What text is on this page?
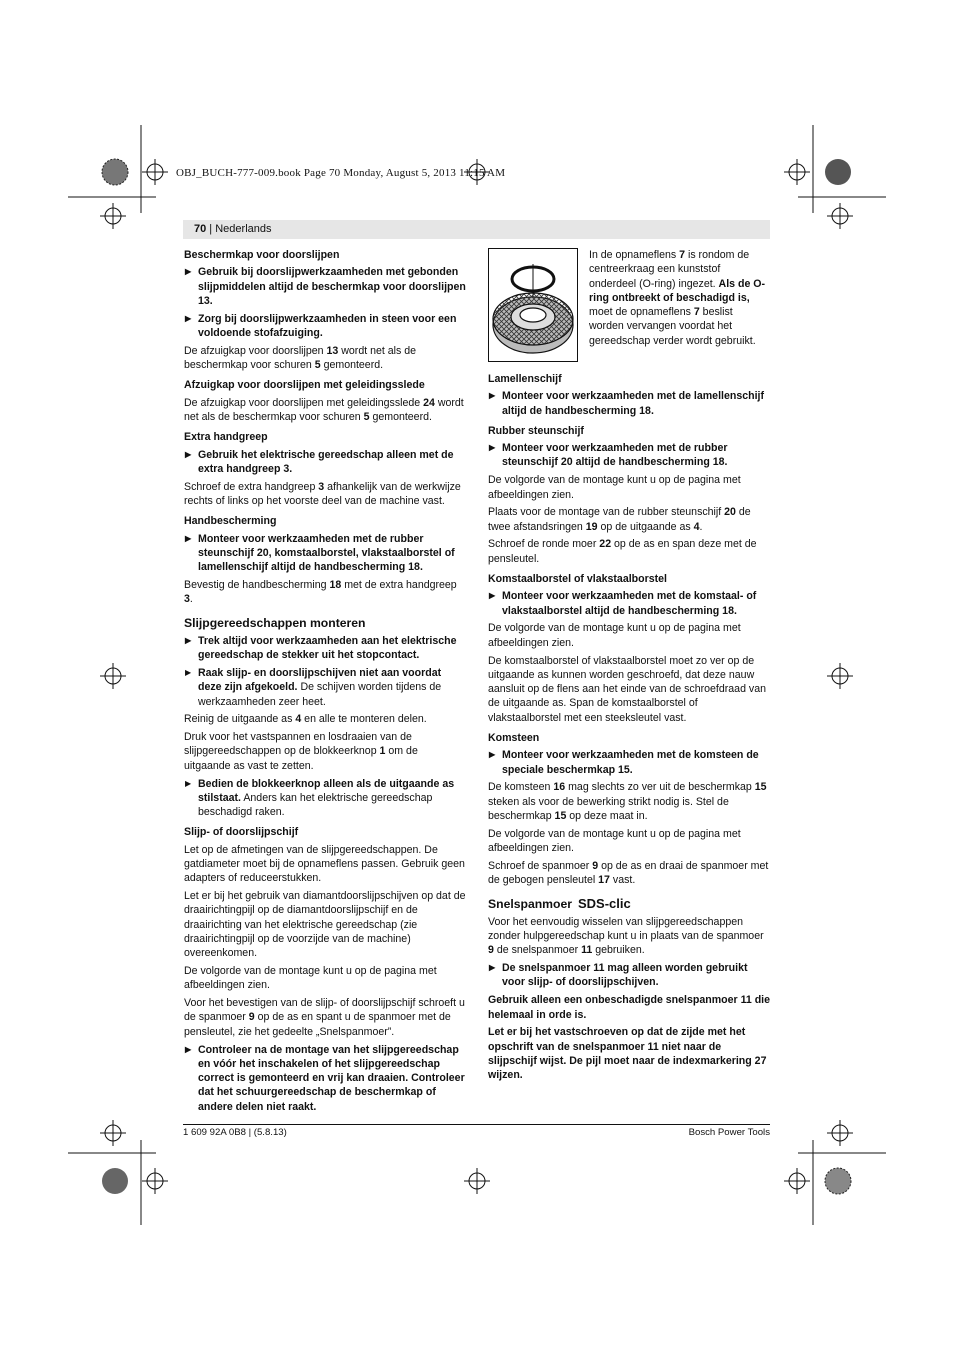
OBJ_BUCH-777-009.book Page 70 Monday, August 5, 2013 11:15 AM
70 | Nederlands
Beschermkap voor doorslijpen
▶ Gebruik bij doorslijpwerkzaamheden met gebonden slijpmiddelen altijd de beschermkap voor doorslijpen 13.
▶ Zorg bij doorslijpwerkzaamheden in steen voor een voldoende stofafzuiging.

De afzuigkap voor doorslijpen 13 wordt net als de beschermkap voor schuren 5 gemonteerd.

Afzuigkap voor doorslijpen met geleidingsslede

De afzuigkap voor doorslijpen met geleidingsslede 24 wordt net als de beschermkap voor schuren 5 gemonteerd.

Extra handgreep
▶ Gebruik het elektrische gereedschap alleen met de extra handgreep 3.

Schroef de extra handgreep 3 afhankelijk van de werkwijze rechts of links op het voorste deel van de machine vast.

Handbescherming
▶ Monteer voor werkzaamheden met de rubber steunschijf 20, komstaalborstel, vlakstaalborstel of lamellenschijf altijd de handbescherming 18.

Bevestig de handbescherming 18 met de extra handgreep 3.

Slijpgereedschappen monteren
▶ Trek altijd voor werkzaamheden aan het elektrische gereedschap de stekker uit het stopcontact.
▶ Raak slijp- en doorslijpschijven niet aan voordat deze zijn afgekoeld. De schijven worden tijdens de werkzaamheden zeer heet.

Reinig de uitgaande as 4 en alle te monteren delen.

Druk voor het vastspannen en losdraaien van de slijpgereedschappen op de blokkeerknop 1 om de uitgaande as vast te zetten.

▶ Bedien de blokkeerknop alleen als de uitgaande as stilstaat. Anders kan het elektrische gereedschap beschadigd raken.
Slijp- of doorslijpschijf

Let op de afmetingen van de slijpgereedschappen. De gatdiameter moet bij de opnameflens passen. Gebruik geen adapters of reduceerstukken.

Let er bij het gebruik van diamantdoorslijpschijven op dat de draairichtingpijl op de diamantdoorslijpschijf en de draairichting van het elektrische gereedschap (zie draairichtingpijl op de voorzijde van de machine) overeenkomen.

De volgorde van de montage kunt u op de pagina met afbeeldingen zien.

Voor het bevestigen van de slijp- of doorslijpschijf schroeft u de spanmoer 9 op de as en spant u de spanmoer met de pensleutel, zie het gedeelte „Snelspanmoer”.

▶ Controleer na de montage van het slijpgereedschap en vóór het inschakelen of het slijpgereedschap correct is gemonteerd en vrij kan draaien. Controleer dat het schuurgereedschap de beschermkap of andere delen niet raakt.
In de opnameflens 7 is rondom de centreerkraag een kunststof onderdeel (O-ring) ingezet. Als de O-ring ontbreekt of beschadigd is, moet de opnameflens 7 beslist worden vervangen voordat het gereedschap verder wordt gebruikt.
Lamellenschijf
▶ Monteer voor werkzaamheden met de lamellenschijf altijd de handbescherming 18.
Rubber steunschijf
▶ Monteer voor werkzaamheden met de rubber steunschijf 20 altijd de handbescherming 18.

De volgorde van de montage kunt u op de pagina met afbeeldingen zien.

Plaats voor de montage van de rubber steunschijf 20 de twee afstandsringen 19 op de uitgaande as 4.

Schroef de ronde moer 22 op de as en span deze met de pensleutel.

Komstaalborstel of vlakstaalborstel
▶ Monteer voor werkzaamheden met de komstaal- of vlakstaalborstel altijd de handbescherming 18.

De volgorde van de montage kunt u op de pagina met afbeeldingen zien.

De komstaalborstel of vlakstaalborstel moet zo ver op de uitgaande as kunnen worden geschroefd, dat deze nauw aansluit op de flens aan het einde van de schroefdraad van de uitgaande as. Span de komstaalborstel of vlakstaalborstel met een steeksleutel vast.

Komsteen
▶ Monteer voor werkzaamheden met de komsteen de speciale beschermkap 15.

De komsteen 16 mag slechts zo ver uit de beschermkap 15 steken als voor de bewerking strikt nodig is. Stel de beschermkap 15 op deze maat in.

De volgorde van de montage kunt u op de pagina met afbeeldingen zien.

Schroef de spanmoer 9 op de as en draai de spanmoer met de gebogen pensleutel 17 vast.

Snelspanmoer SDS-clic

Voor het eenvoudig wisselen van slijpgereedschappen zonder hulpgereedschap kunt u in plaats van de spanmoer 9 de snelspanmoer 11 gebruiken.

▶ De snelspanmoer 11 mag alleen worden gebruikt voor slijp- of doorslijpschijven.

Gebruik alleen een onbeschadigde snelspanmoer 11 die helemaal in orde is.

Let er bij het vastschroeven op dat de zijde met het opschrift van de snelspanmoer 11 niet naar de slijpschijf wijst. De pijl moet naar de indexmarkering 27 wijzen.

1 609 92A 0B8 | (5.8.13)	Bosch Power Tools
